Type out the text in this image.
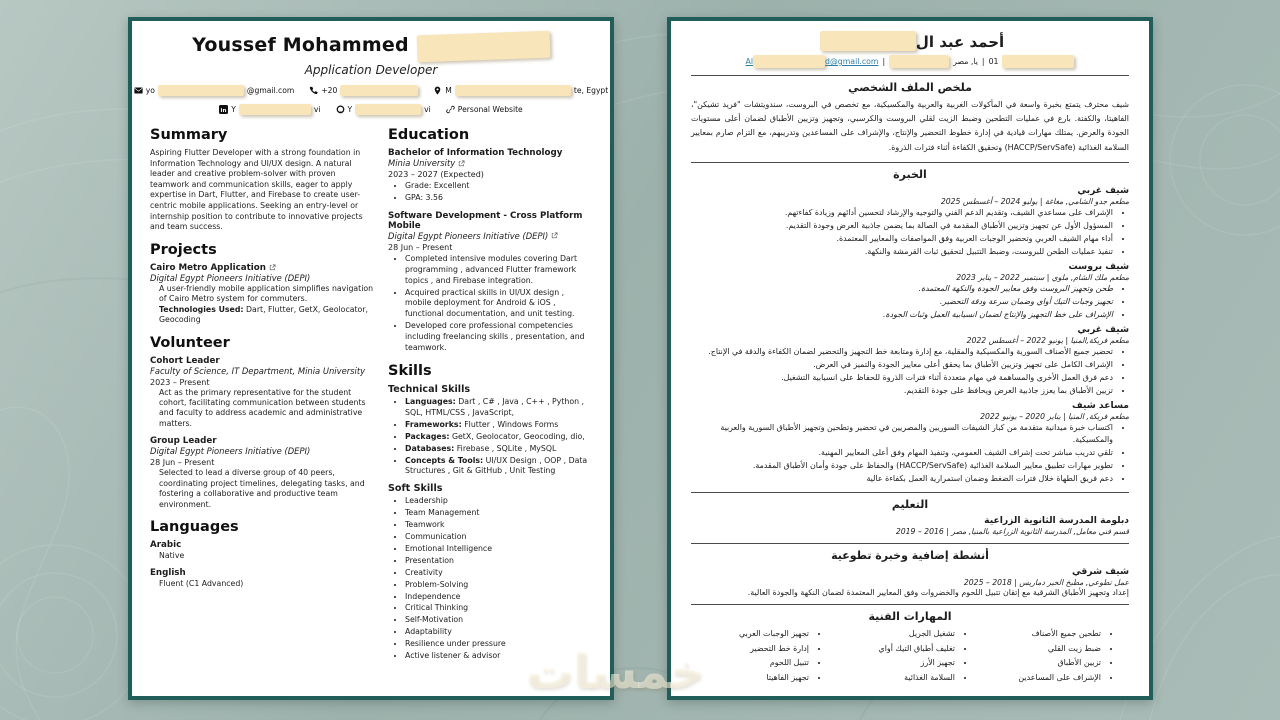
Youssef Mohammed
Application Developer
yo	@gmail.com	+20	M	te, Egypt
in Y	vi	Y	vi	Personal Website
Summary

Aspiring Flutter Developer with a strong foundation in Information Technology and UI/UX design. A natural leader and creative problem-solver with proven teamwork and communication skills, eager to apply expertise in Dart, Flutter, and Firebase to create user-centric mobile applications. Seeking an entry-level or internship position to contribute to innovative projects and team success.

Projects
Cairo Metro Application
Digital Egypt Pioneers Initiative (DEPI)
A user-friendly mobile application simplifies navigation of Cairo Metro system for commuters.
Technologies Used: Dart, Flutter, GetX, Geolocator, Geocoding
Volunteer
Cohort Leader
Faculty of Science, IT Department, Minia University
2023 – Present
Act as the primary representative for the student cohort, facilitating communication between students and faculty to address academic and administrative matters.
Group Leader
Digital Egypt Pioneers Initiative (DEPI)
28 Jun – Present
Selected to lead a diverse group of 40 peers, coordinating project timelines, delegating tasks, and fostering a collaborative and productive team environment.
Languages
Arabic
Native
English
Fluent (C1 Advanced)
Education
Bachelor of Information Technology
Minia University
2023 – 2027 (Expected)
• Grade: Excellent
• GPA: 3.56
Software Development - Cross Platform Mobile
Digital Egypt Pioneers Initiative (DEPI)
28 Jun – Present
• Completed intensive modules covering Dart programming , advanced Flutter framework topics , and Firebase integration.
• Acquired practical skills in UI/UX design , mobile deployment for Android & iOS , functional documentation, and unit testing.
• Developed core professional competencies including freelancing skills , presentation, and teamwork.
Skills
Technical Skills
• Languages: Dart , C# , Java , C++ , Python , SQL, HTML/CSS , JavaScript,
• Frameworks: Flutter , Windows Forms
• Packages: GetX, Geolocator, Geocoding, dio,
• Databases: Firebase , SQLite , MySQL
• Concepts & Tools: UI/UX Design , OOP , Data Structures , Git & GitHub , Unit Testing
Soft Skills
• Leadership
• Team Management
• Teamwork
• Communication
• Emotional Intelligence
• Presentation
• Creativity
• Problem-Solving
• Independence
• Critical Thinking
• Self-Motivation
• Adaptability
• Resilience under pressure
• Active listener & advisor
أحمد عبد ال
Al	d@gmail.com |	يا, مصر | 01
ملخص الملف الشخصي

شيف محترف يتمتع بخبرة واسعة في المأكولات الغربية والعربية والمكسيكية، مع تخصص في البروست، سندويتشات "فريد تشيكن"، الفاهيتا، والكفتة. بارع في عمليات التطحين وضبط الزيت لقلي البروست والكرسبي، وتجهيز وتزيين الأطباق لضمان أعلى مستويات الجودة والعرض. يمتلك مهارات قيادية في إدارة خطوط التحضير والإنتاج، والإشراف على المساعدين وتدريبهم، مع التزام صارم بمعايير السلامة الغذائية (HACCP/ServSafe) وتحقيق الكفاءة أثناء فترات الذروة.

الخبرة
شيف غربي
مطعم جدو الشامي, مغاغة | يوليو 2024 – أغسطس 2025
• الإشراف على مساعدي الشيف، وتقديم الدعم الفني والتوجيه والإرشاد لتحسين أدائهم وزيادة كفاءتهم.
• المسؤول الأول عن تجهيز وتزيين الأطباق المقدمة في الصالة بما يضمن جاذبية العرض وجودة التقديم.
• أداء مهام الشيف العربي وتحضير الوجبات العربية وفق المواصفات والمعايير المعتمدة.
• تنفيذ عمليات الطحن للبروست، وضبط التتبيل لتحقيق ثبات القرمشة والنكهة.
شيف بروست
مطعم ملك الشام, ملوي | سبتمبر 2022 – يناير 2023
• طحن وتجهيز البروست وفق معايير الجودة والنكهة المعتمدة.
• تجهيز وجبات التيك أواي وضمان سرعة ودقة التحضير.
• الإشراف على خط التجهيز والإنتاج لضمان انسيابية العمل وثبات الجودة.
شيف غربي
مطعم فريكة,المنيا | يونيو 2022 – أغسطس 2022
• تحضير جميع الأصناف السورية والمكسيكية والمقلية، مع إدارة ومتابعة خط التجهيز والتحضير لضمان الكفاءة والدقة في الإنتاج.
• الإشراف الكامل على تجهيز وتزيين الأطباق بما يحقق أعلى معايير الجودة والتميز في العرض.
• دعم فرق العمل الأخرى والمساهمة في مهام متعددة أثناء فترات الذروة للحفاظ على انسيابية التشغيل.
• تزيين الأطباق بما يعزز جاذبية العرض ويحافظ على جودة التقديم.
مساعد شيف
مطعم فريكة, المنيا | يناير 2020 – يونيو 2022
• اكتساب خبرة ميدانية متقدمة من كبار الشيفات السوريين والمصريين في تحضير وتطحين وتجهيز الأطباق السورية والعربية والمكسيكية.
• تلقي تدريب مباشر تحت إشراف الشيف العمومي، وتنفيذ المهام وفق أعلى المعايير المهنية.
• تطوير مهارات تطبيق معايير السلامة الغذائية (HACCP/ServSafe) والحفاظ على جودة وأمان الأطباق المقدمة.
• دعم فريق الطهاة خلال فترات الضغط وضمان استمرارية العمل بكفاءة عالية
التعليم
دبلومة المدرسة الثانوية الزراعية
قسم فني معامل, المدرسة الثانوية الزراعية بالمنيا, مصر | 2016 – 2019
أنشطة إضافية وخبرة تطوعية
شيف شرقي
عمل تطوعي, مطبخ الخير دماريس | 2018 – 2025
إعداد وتجهيز الأطباق الشرقية مع إتقان تتبيل اللحوم والخضروات وفق المعايير المعتمدة لضمان النكهة والجودة العالية.
المهارات الفنية
• تطحين جميع الأصناف
• ضبط زيت القلي
• تزيين الأطباق
• الإشراف على المساعدين
• تشغيل الجريل
• تغليف أطباق التيك أواي
• تجهيز الأرز
• السلامة الغذائية
• تجهيز الوجبات العربي
• إدارة خط التحضير
• تتبيل اللحوم
• تجهيز الفاهيتا
خمسات
